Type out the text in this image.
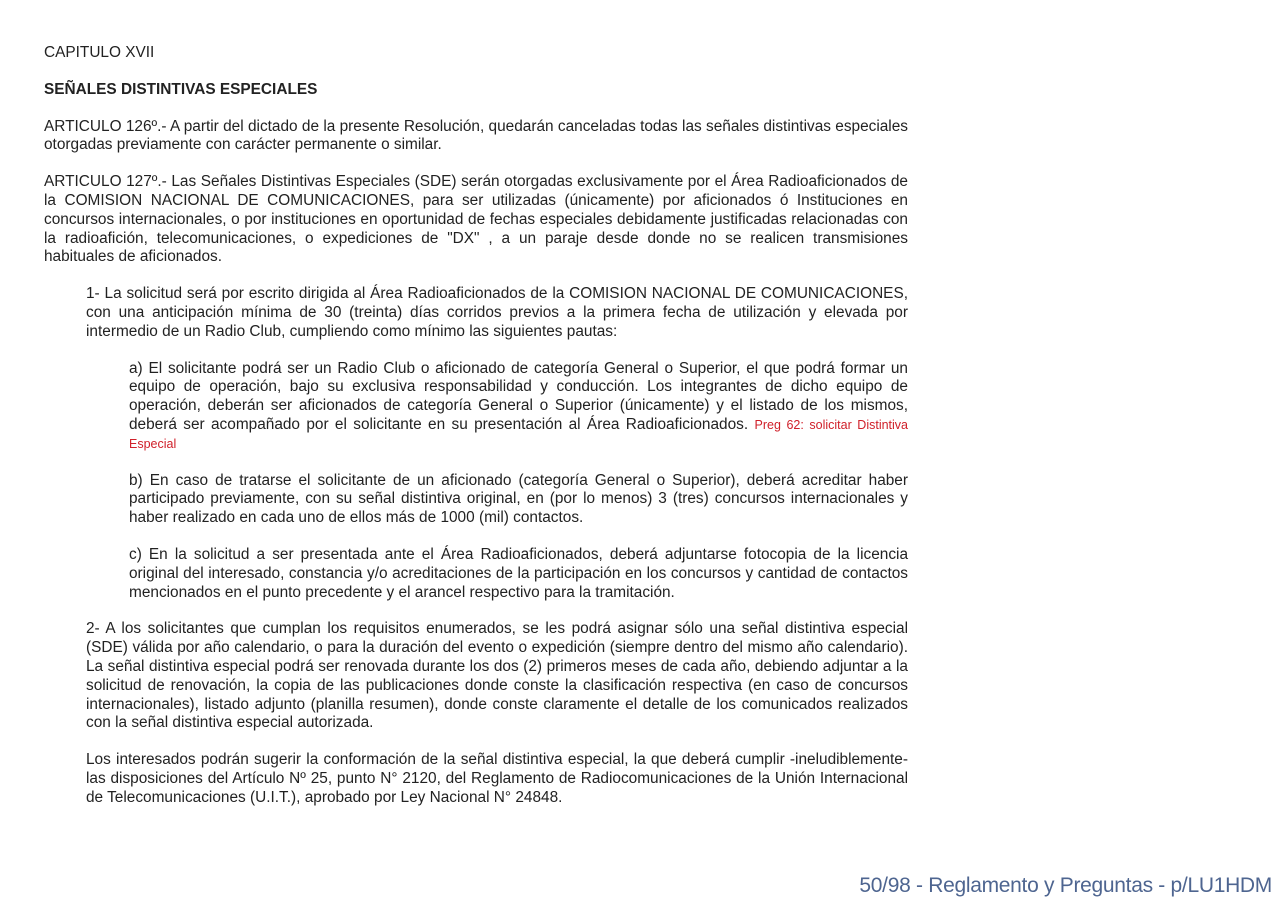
CAPITULO XVII

SEÑALES DISTINTIVAS ESPECIALES

ARTICULO 126º.- A partir del dictado de la presente Resolución, quedarán canceladas todas las señales distintivas especiales otorgadas previamente con carácter permanente o similar.

ARTICULO 127º.- Las Señales Distintivas Especiales (SDE) serán otorgadas exclusivamente por el Área Radioaficionados de la COMISION NACIONAL DE COMUNICACIONES, para ser utilizadas (únicamente) por aficionados ó Instituciones en concursos internacionales, o por instituciones en oportunidad de fechas especiales debidamente justificadas relacionadas con la radioafición, telecomunicaciones, o expediciones de "DX" , a un paraje desde donde no se realicen transmisiones habituales de aficionados.

1- La solicitud será por escrito dirigida al Área Radioaficionados de la COMISION NACIONAL DE COMUNICACIONES, con una anticipación mínima de 30 (treinta) días corridos previos a la primera fecha de utilización y elevada por intermedio de un Radio Club, cumpliendo como mínimo las siguientes pautas:

a) El solicitante podrá ser un Radio Club o aficionado de categoría General o Superior, el que podrá formar un equipo de operación, bajo su exclusiva responsabilidad y conducción. Los integrantes de dicho equipo de operación, deberán ser aficionados de categoría General o Superior (únicamente) y el listado de los mismos, deberá ser acompañado por el solicitante en su presentación al Área Radioaficionados. Preg 62: solicitar Distintiva Especial

b) En caso de tratarse el solicitante de un aficionado (categoría General o Superior), deberá acreditar haber participado previamente, con su señal distintiva original, en (por lo menos) 3 (tres) concursos internacionales y haber realizado en cada uno de ellos más de 1000 (mil) contactos.

c) En la solicitud a ser presentada ante el Área Radioaficionados, deberá adjuntarse fotocopia de la licencia original del interesado, constancia y/o acreditaciones de la participación en los concursos y cantidad de contactos mencionados en el punto precedente y el arancel respectivo para la tramitación.

2- A los solicitantes que cumplan los requisitos enumerados, se les podrá asignar sólo una señal distintiva especial (SDE) válida por año calendario, o para la duración del evento o expedición (siempre dentro del mismo año calendario). La señal distintiva especial podrá ser renovada durante los dos (2) primeros meses de cada año, debiendo adjuntar a la solicitud de renovación, la copia de las publicaciones donde conste la clasificación respectiva (en caso de concursos internacionales), listado adjunto (planilla resumen), donde conste claramente el detalle de los comunicados realizados con la señal distintiva especial autorizada.

Los interesados podrán sugerir la conformación de la señal distintiva especial, la que deberá cumplir -ineludiblemente- las disposiciones del Artículo Nº 25, punto N° 2120, del Reglamento de Radiocomunicaciones de la Unión Internacional de Telecomunicaciones (U.I.T.), aprobado por Ley Nacional N° 24848.

50/98 - Reglamento y Preguntas - p/LU1HDM
